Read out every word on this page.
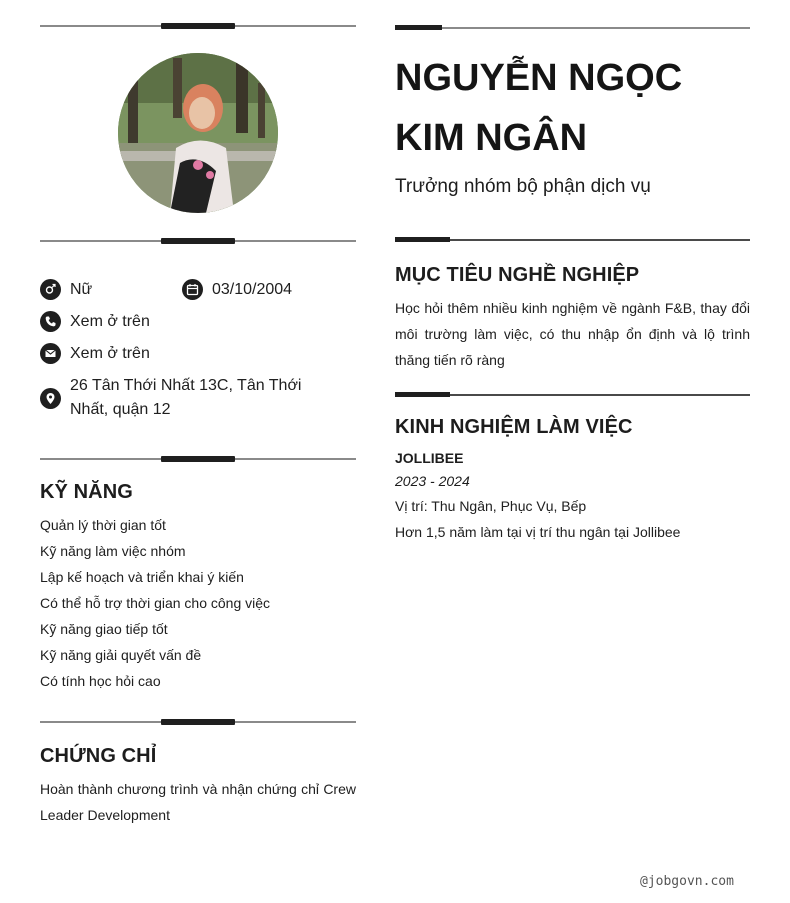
Nữ	03/10/2004
Xem ở trên
Xem ở trên
26 Tân Thới Nhất 13C, Tân Thới Nhất, quận 12
KỸ NĂNG
Quản lý thời gian tốt
Kỹ năng làm việc nhóm
Lập kế hoạch và triển khai ý kiến
Có thể hỗ trợ thời gian cho công việc
Kỹ năng giao tiếp tốt
Kỹ năng giải quyết vấn đề
Có tính học hỏi cao
CHỨNG CHỈ
Hoàn thành chương trình và nhận chứng chỉ Crew Leader Development
NGUYỄN NGỌC KIM NGÂN
Trưởng nhóm bộ phận dịch vụ
MỤC TIÊU NGHỀ NGHIỆP
Học hỏi thêm nhiều kinh nghiệm về ngành F&B, thay đổi môi trường làm việc, có thu nhập ổn định và lộ trình thăng tiến rõ ràng
KINH NGHIỆM LÀM VIỆC
JOLLIBEE
2023 - 2024
Vị trí: Thu Ngân, Phục Vụ, Bếp
Hơn 1,5 năm làm tại vị trí thu ngân tại Jollibee
@jobgovn.com
